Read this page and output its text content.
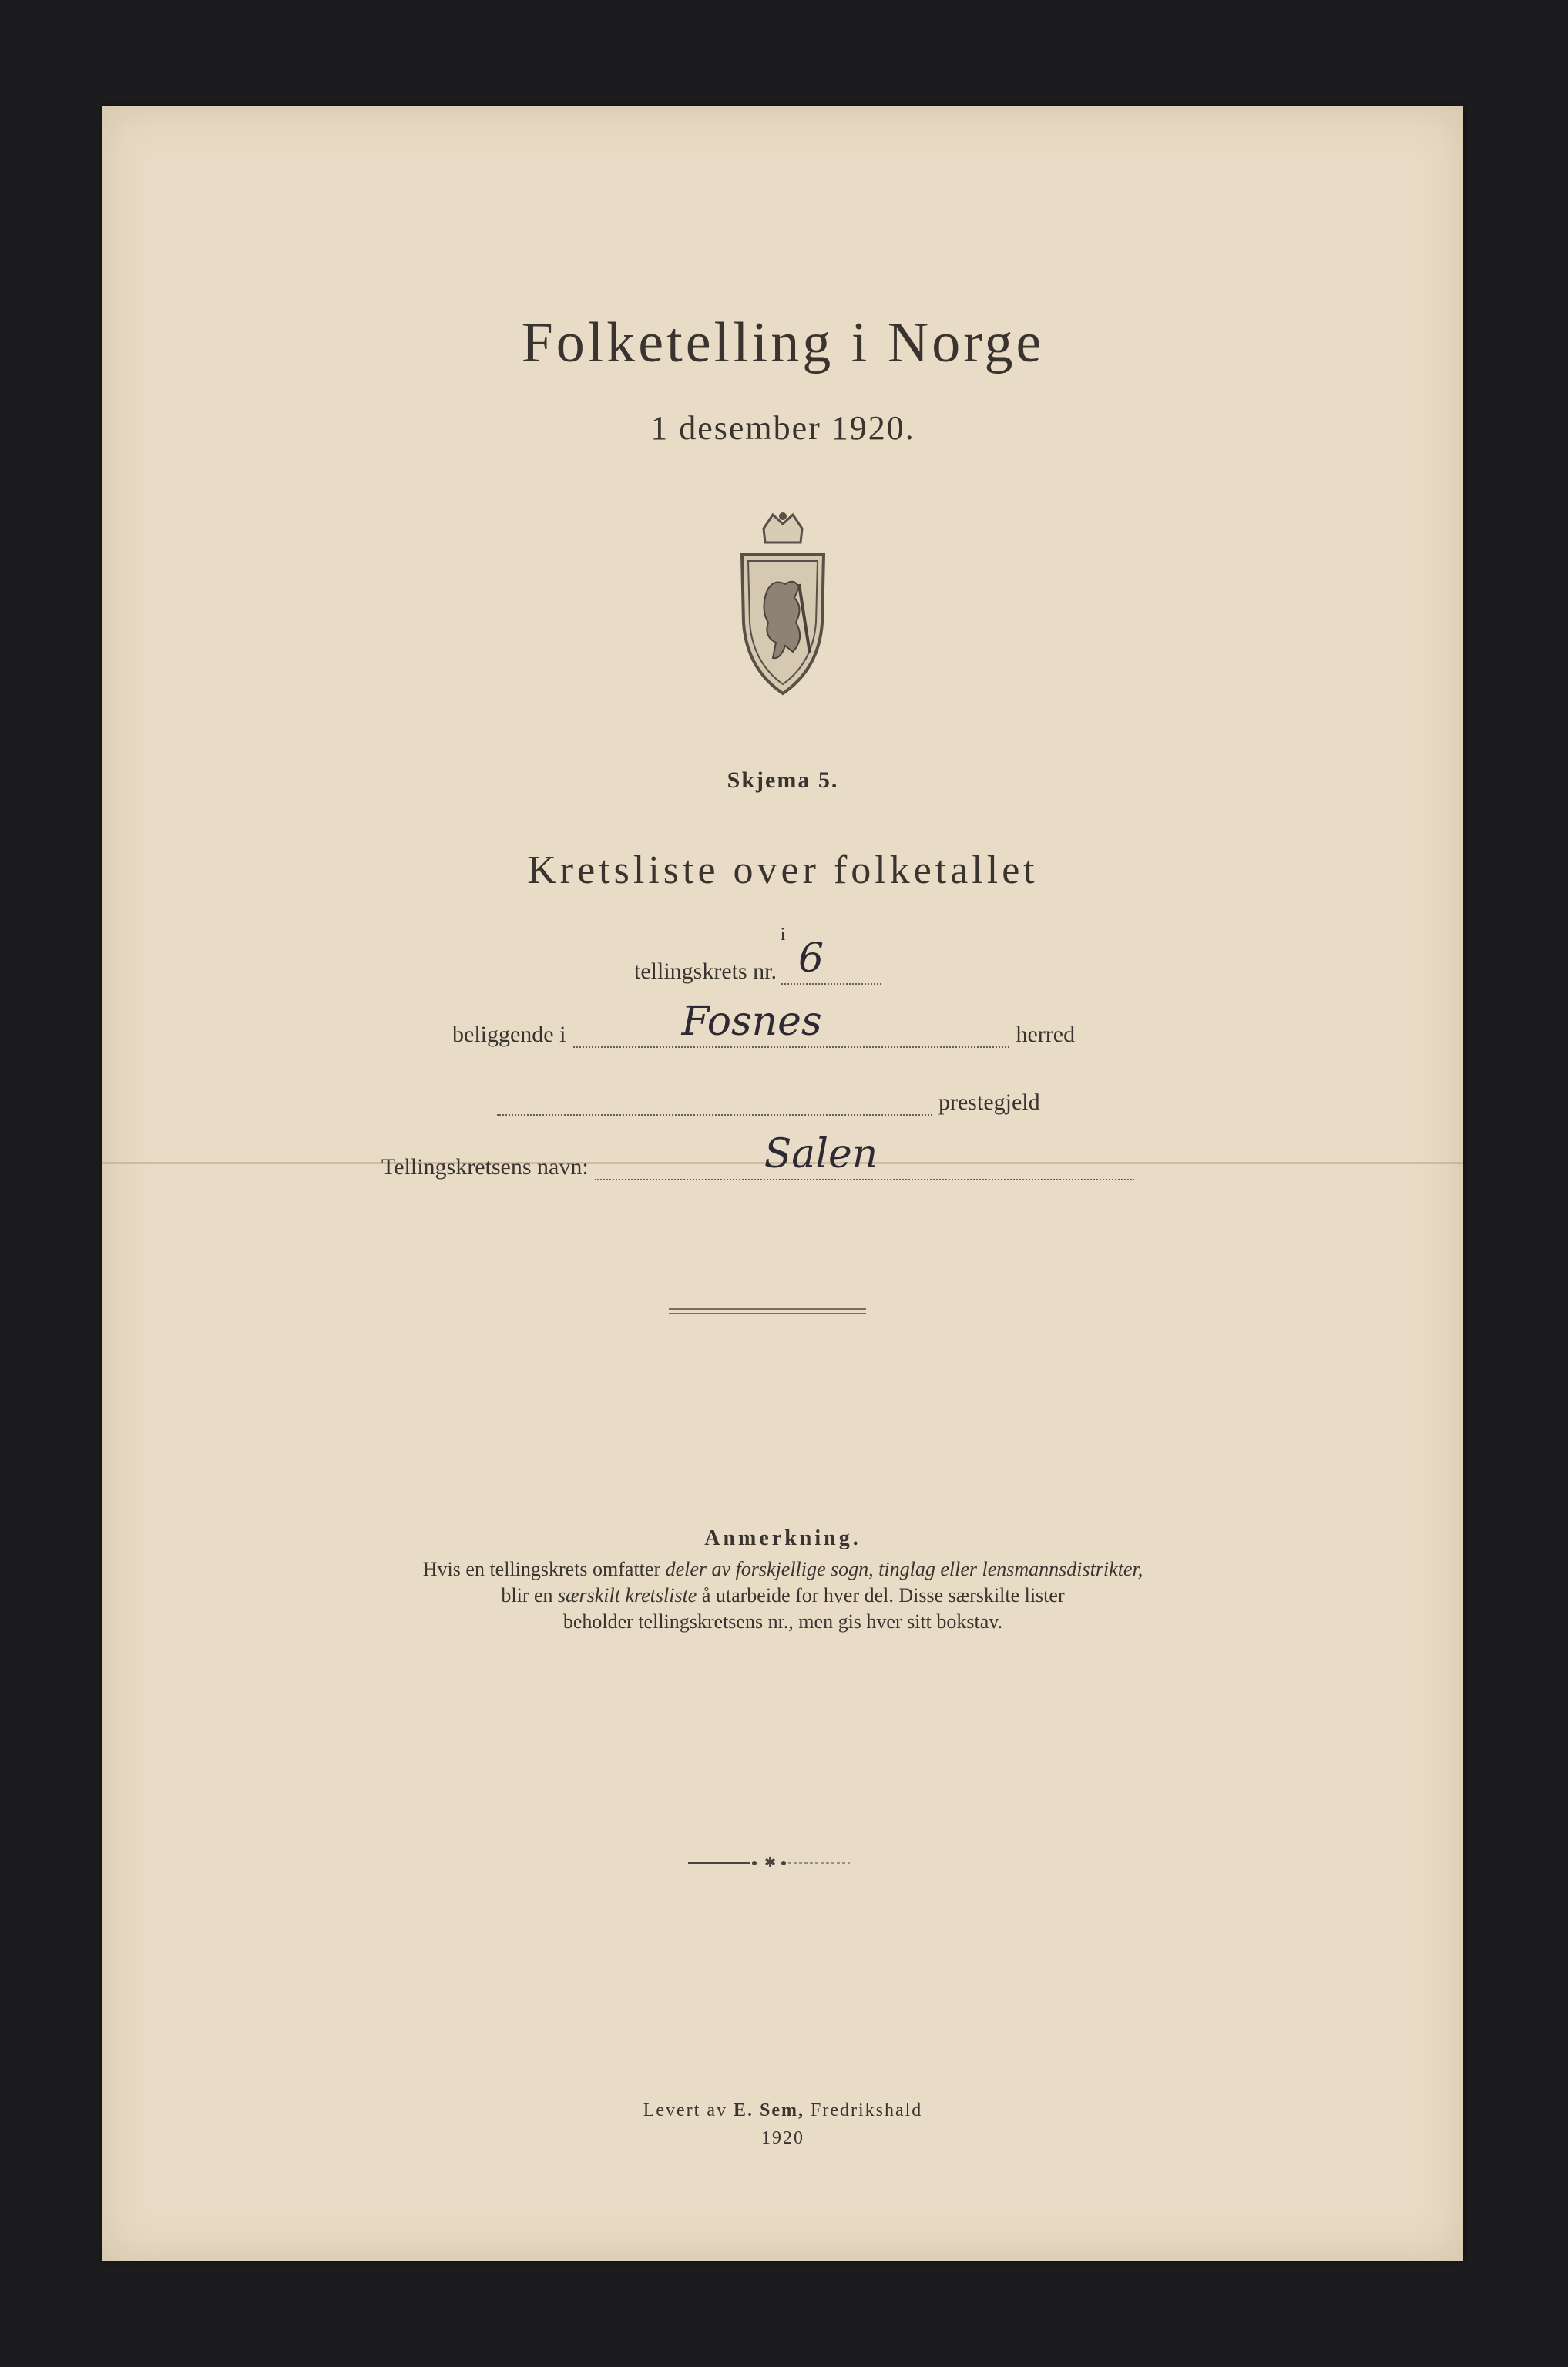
Folketelling i Norge
1 desember 1920.
Skjema 5.
Kretsliste over folketallet
i
tellingskrets nr. 6
beliggende i	Fosnes	herred
prestegjeld
Tellingskretsens navn:	Salen
Anmerkning.
Hvis en tellingskrets omfatter deler av forskjellige sogn, tinglag eller lensmannsdistrikter,
blir en særskilt kretsliste å utarbeide for hver del. Disse særskilte lister
beholder tellingskretsens nr., men gis hver sitt bokstav.
✱
Levert av E. Sem, Fredrikshald
1920
